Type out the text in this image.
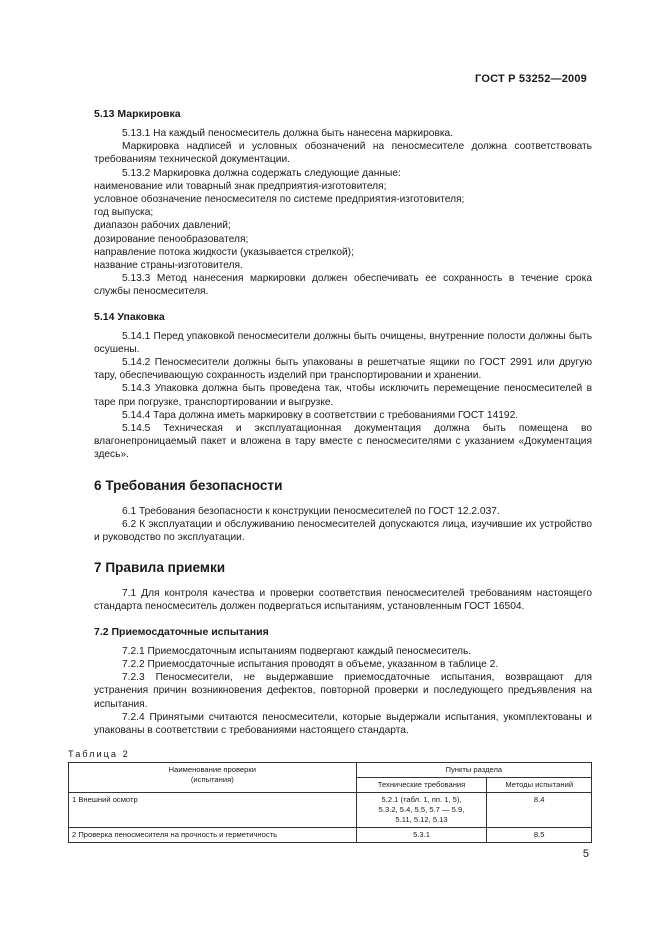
ГОСТ Р 53252—2009
5.13 Маркировка

5.13.1 На каждый пеносмеситель должна быть нанесена маркировка.

Маркировка надписей и условных обозначений на пеносмесителе должна соответствовать требованиям технической документации.

5.13.2 Маркировка должна содержать следующие данные:

наименование или товарный знак предприятия-изготовителя;

условное обозначение пеносмесителя по системе предприятия-изготовителя;

год выпуска;

диапазон рабочих давлений;

дозирование пенообразователя;

направление потока жидкости (указывается стрелкой);

название страны-изготовителя.

5.13.3 Метод нанесения маркировки должен обеспечивать ее сохранность в течение срока службы пеносмесителя.

5.14 Упаковка

5.14.1 Перед упаковкой пеносмесители должны быть очищены, внутренние полости должны быть осушены.

5.14.2 Пеносмесители должны быть упакованы в решетчатые ящики по ГОСТ 2991 или другую тару, обеспечивающую сохранность изделий при транспортировании и хранении.

5.14.3 Упаковка должна быть проведена так, чтобы исключить перемещение пеносмесителей в таре при погрузке, транспортировании и выгрузке.

5.14.4 Тара должна иметь маркировку в соответствии с требованиями ГОСТ 14192.

5.14.5 Техническая и эксплуатационная документация должна быть помещена во влагонепроницаемый пакет и вложена в тару вместе с пеносмесителями с указанием «Документация здесь».

6 Требования безопасности

6.1 Требования безопасности к конструкции пеносмесителей по ГОСТ 12.2.037.

6.2 К эксплуатации и обслуживанию пеносмесителей допускаются лица, изучившие их устройство и руководство по эксплуатации.

7 Правила приемки

7.1 Для контроля качества и проверки соответствия пеносмесителей требованиям настоящего стандарта пеносмеситель должен подвергаться испытаниям, установленным ГОСТ 16504.

7.2 Приемосдаточные испытания

7.2.1 Приемосдаточным испытаниям подвергают каждый пеносмеситель.

7.2.2 Приемосдаточные испытания проводят в объеме, указанном в таблице 2.

7.2.3 Пеносмесители, не выдержавшие приемосдаточные испытания, возвращают для устранения причин возникновения дефектов, повторной проверки и последующего предъявления на испытания.

7.2.4 Принятыми считаются пеносмесители, которые выдержали испытания, укомплектованы и упакованы в соответствии с требованиями настоящего стандарта.

Таблица 2
Наименование проверки
(испытания)	Пункты раздела	
	Технические требования	Методы испытаний
1 Внешний осмотр	5.2.1 (табл. 1, пп. 1, 5),
5.3.2, 5.4, 5.5, 5.7 — 5.9,
5.11, 5.12, 5.13	8.4
2 Проверка пеносмесителя на прочность и герметичность	5.3.1	8.5
5
